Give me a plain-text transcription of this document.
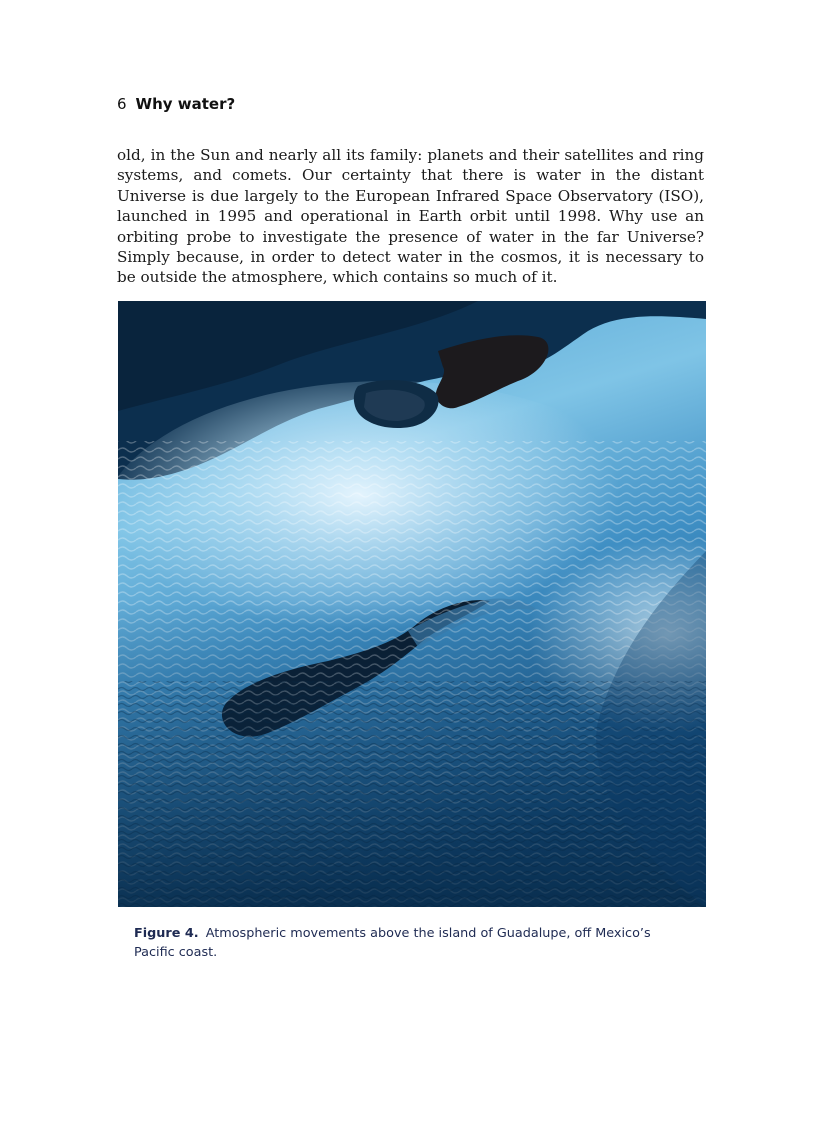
6 Why water?

old, in the Sun and nearly all its family: planets and their satellites and ring systems, and comets. Our certainty that there is water in the distant Universe is due largely to the European Infrared Space Observatory (ISO), launched in 1995 and operational in Earth orbit until 1998. Why use an orbiting probe to investigate the presence of water in the far Universe? Simply because, in order to detect water in the cosmos, it is necessary to be outside the atmosphere, which contains so much of it.

Figure 4. Atmospheric movements above the island of Guadalupe, off Mexico’s Pacific coast.
